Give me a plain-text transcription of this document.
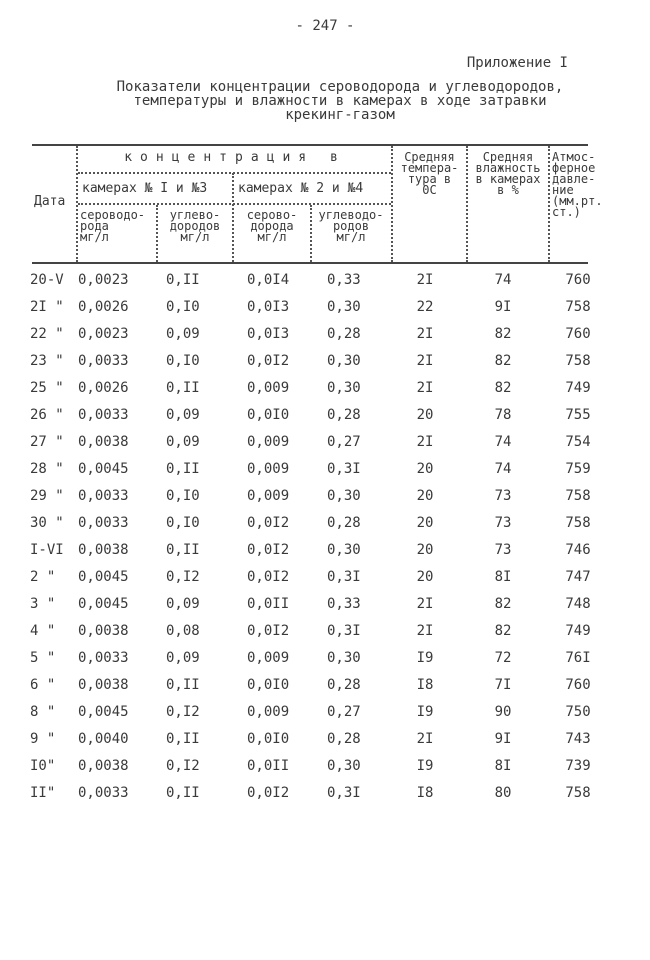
- 247 -
Приложение I
Показатели концентрации сероводорода и углеводородов,
температуры и влажности в камерах в ходе затравки
крекинг-газом
Дата
концентрация в
камерах № I и №3 камерах № 2 и №4
сероводо-
рода
мг/л
углево-
дородов
мг/л
серово-
дорода
мг/л
углеводо-
родов
мг/л
Средняя
темпера-
тура в
0С
Средняя
влажность
в камерах
в %
Атмос-
ферное
давле-
ние
(мм.рт.
ст.)
20-V 0,0023	0,II	0,0I4	0,33	2I	74	760
2I " 0,0026	0,I0	0,0I3	0,30	22	9I	758
22 " 0,0023	0,09	0,0I3	0,28	2I	82	760
23 " 0,0033	0,I0	0,0I2	0,30	2I	82	758
25 " 0,0026	0,II	0,009	0,30	2I	82	749
26 " 0,0033	0,09	0,0I0	0,28	20	78	755
27 " 0,0038	0,09	0,009	0,27	2I	74	754
28 " 0,0045	0,II	0,009	0,3I	20	74	759
29 " 0,0033	0,I0	0,009	0,30	20	73	758
30 " 0,0033	0,I0	0,0I2	0,28	20	73	758
I-VI 0,0038	0,II	0,0I2	0,30	20	73	746
2 " 0,0045	0,I2	0,0I2	0,3I	20	8I	747
3 " 0,0045	0,09	0,0II	0,33	2I	82	748
4 " 0,0038	0,08	0,0I2	0,3I	2I	82	749
5 " 0,0033	0,09	0,009	0,30	I9	72	76I
6 " 0,0038	0,II	0,0I0	0,28	I8	7I	760
8 " 0,0045	0,I2	0,009	0,27	I9	90	750
9 " 0,0040	0,II	0,0I0	0,28	2I	9I	743
I0" 0,0038	0,I2	0,0II	0,30	I9	8I	739
II" 0,0033	0,II	0,0I2	0,3I	I8	80	758
